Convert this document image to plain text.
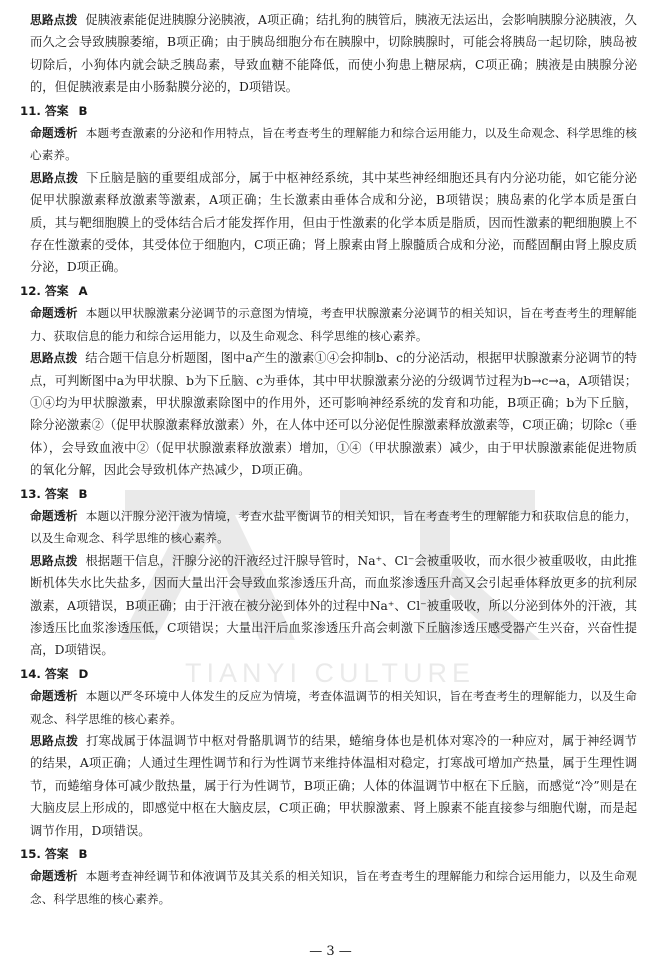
TIANYI CULTURE

思路点拨 促胰液素能促进胰腺分泌胰液，A项正确；结扎狗的胰管后，胰液无法运出，会影响胰腺分泌胰液，久而久之会导致胰腺萎缩，B项正确；由于胰岛细胞分布在胰腺中，切除胰腺时，可能会将胰岛一起切除，胰岛被切除后，小狗体内就会缺乏胰岛素，导致血糖不能降低，而使小狗患上糖尿病，C项正确；胰液是由胰腺分泌的，但促胰液素是由小肠黏膜分泌的，D项错误。

11. 答案 B

命题透析 本题考查激素的分泌和作用特点，旨在考查考生的理解能力和综合运用能力，以及生命观念、科学思维的核心素养。

思路点拨 下丘脑是脑的重要组成部分，属于中枢神经系统，其中某些神经细胞还具有内分泌功能，如它能分泌促甲状腺激素释放激素等激素，A项正确；生长激素由垂体合成和分泌，B项错误；胰岛素的化学本质是蛋白质，其与靶细胞膜上的受体结合后才能发挥作用，但由于性激素的化学本质是脂质，因而性激素的靶细胞膜上不存在性激素的受体，其受体位于细胞内，C项正确；肾上腺素由肾上腺髓质合成和分泌，而醛固酮由肾上腺皮质分泌，D项正确。

12. 答案 A

命题透析 本题以甲状腺激素分泌调节的示意图为情境，考查甲状腺激素分泌调节的相关知识，旨在考查考生的理解能力、获取信息的能力和综合运用能力，以及生命观念、科学思维的核心素养。

思路点拨 结合题干信息分析题图，图中a产生的激素①④会抑制b、c的分泌活动，根据甲状腺激素分泌调节的特点，可判断图中a为甲状腺、b为下丘脑、c为垂体，其中甲状腺激素分泌的分级调节过程为b→c→a，A项错误；①④均为甲状腺激素，甲状腺激素除图中的作用外，还可影响神经系统的发育和功能，B项正确；b为下丘脑，除分泌激素②（促甲状腺激素释放激素）外，在人体中还可以分泌促性腺激素释放激素等，C项正确；切除c（垂体），会导致血液中②（促甲状腺激素释放激素）增加，①④（甲状腺激素）减少，由于甲状腺激素能促进物质的氧化分解，因此会导致机体产热减少，D项正确。

13. 答案 B

命题透析 本题以汗腺分泌汗液为情境，考查水盐平衡调节的相关知识，旨在考查考生的理解能力和获取信息的能力，以及生命观念、科学思维的核心素养。

思路点拨 根据题干信息，汗腺分泌的汗液经过汗腺导管时，Na⁺、Cl⁻会被重吸收，而水很少被重吸收，由此推断机体失水比失盐多，因而大量出汗会导致血浆渗透压升高，而血浆渗透压升高又会引起垂体释放更多的抗利尿激素，A项错误，B项正确；由于汗液在被分泌到体外的过程中Na⁺、Cl⁻被重吸收，所以分泌到体外的汗液，其渗透压比血浆渗透压低，C项错误；大量出汗后血浆渗透压升高会刺激下丘脑渗透压感受器产生兴奋，兴奋性提高，D项错误。

14. 答案 D

命题透析 本题以严冬环境中人体发生的反应为情境，考查体温调节的相关知识，旨在考查考生的理解能力，以及生命观念、科学思维的核心素养。

思路点拨 打寒战属于体温调节中枢对骨骼肌调节的结果，蜷缩身体也是机体对寒冷的一种应对，属于神经调节的结果，A项正确；人通过生理性调节和行为性调节来维持体温相对稳定，打寒战可增加产热量，属于生理性调节，而蜷缩身体可减少散热量，属于行为性调节，B项正确；人体的体温调节中枢在下丘脑，而感觉“冷”则是在大脑皮层上形成的，即感觉中枢在大脑皮层，C项正确；甲状腺激素、肾上腺素不能直接参与细胞代谢，而是起调节作用，D项错误。

15. 答案 B

命题透析 本题考查神经调节和体液调节及其关系的相关知识，旨在考查考生的理解能力和综合运用能力，以及生命观念、科学思维的核心素养。

— 3 —
